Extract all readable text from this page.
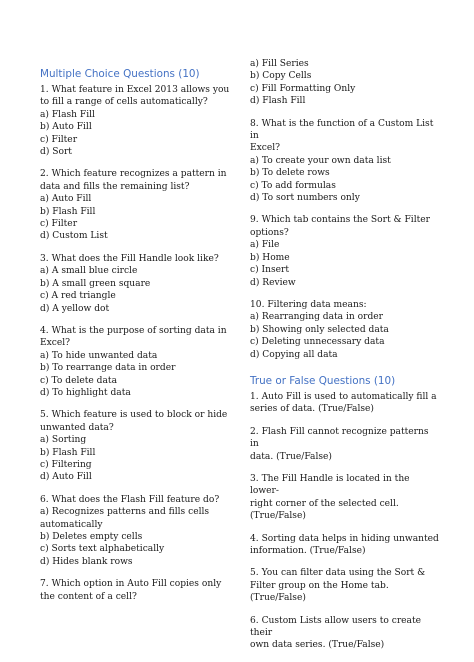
Multiple Choice Questions (10)

1. What feature in Excel 2013 allows you
to fill a range of cells automatically?

a) Flash Fill

b) Auto Fill

c) Filter

d) Sort

2. Which feature recognizes a pattern in
data and fills the remaining list?

a) Auto Fill

b) Flash Fill

c) Filter

d) Custom List

3. What does the Fill Handle look like?

a) A small blue circle

b) A small green square

c) A red triangle

d) A yellow dot

4. What is the purpose of sorting data in
Excel?

a) To hide unwanted data

b) To rearrange data in order

c) To delete data

d) To highlight data

5. Which feature is used to block or hide
unwanted data?

a) Sorting

b) Flash Fill

c) Filtering

d) Auto Fill

6. What does the Flash Fill feature do?

a) Recognizes patterns and fills cells
automatically

b) Deletes empty cells

c) Sorts text alphabetically

d) Hides blank rows

7. Which option in Auto Fill copies only
the content of a cell?

a) Fill Series

b) Copy Cells

c) Fill Formatting Only

d) Flash Fill

8. What is the function of a Custom List in
Excel?

a) To create your own data list

b) To delete rows

c) To add formulas

d) To sort numbers only

9. Which tab contains the Sort & Filter
options?

a) File

b) Home

c) Insert

d) Review

10. Filtering data means:

a) Rearranging data in order

b) Showing only selected data

c) Deleting unnecessary data

d) Copying all data

True or False Questions (10)

1. Auto Fill is used to automatically fill a
series of data. (True/False)

2. Flash Fill cannot recognize patterns in
data. (True/False)

3. The Fill Handle is located in the lower-
right corner of the selected cell.
(True/False)

4. Sorting data helps in hiding unwanted
information. (True/False)

5. You can filter data using the Sort &
Filter group on the Home tab.
(True/False)

6. Custom Lists allow users to create their
own data series. (True/False)
